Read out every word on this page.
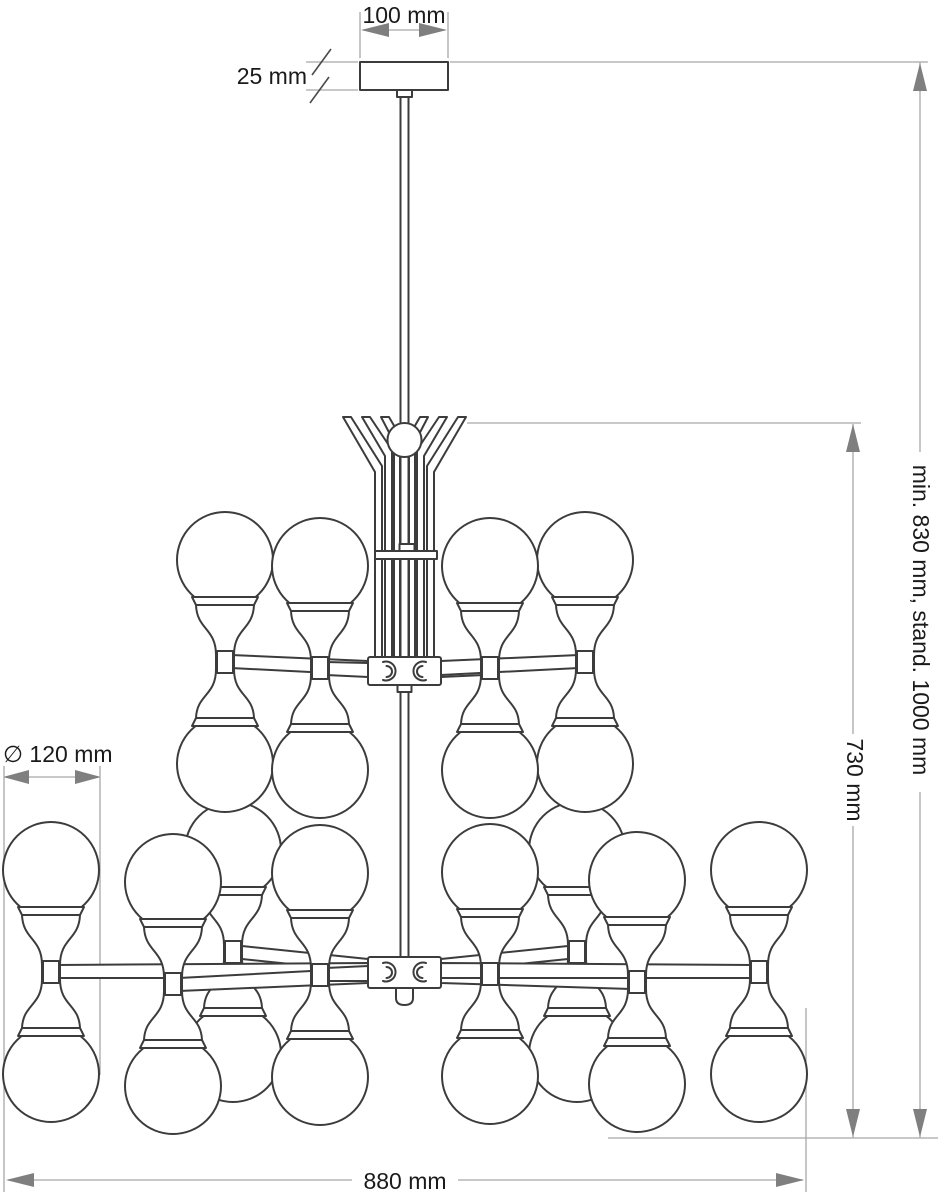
100 mm
25 mm
∅ 120 mm
880 mm
730 mm
min. 830 mm, stand. 1000 mm
